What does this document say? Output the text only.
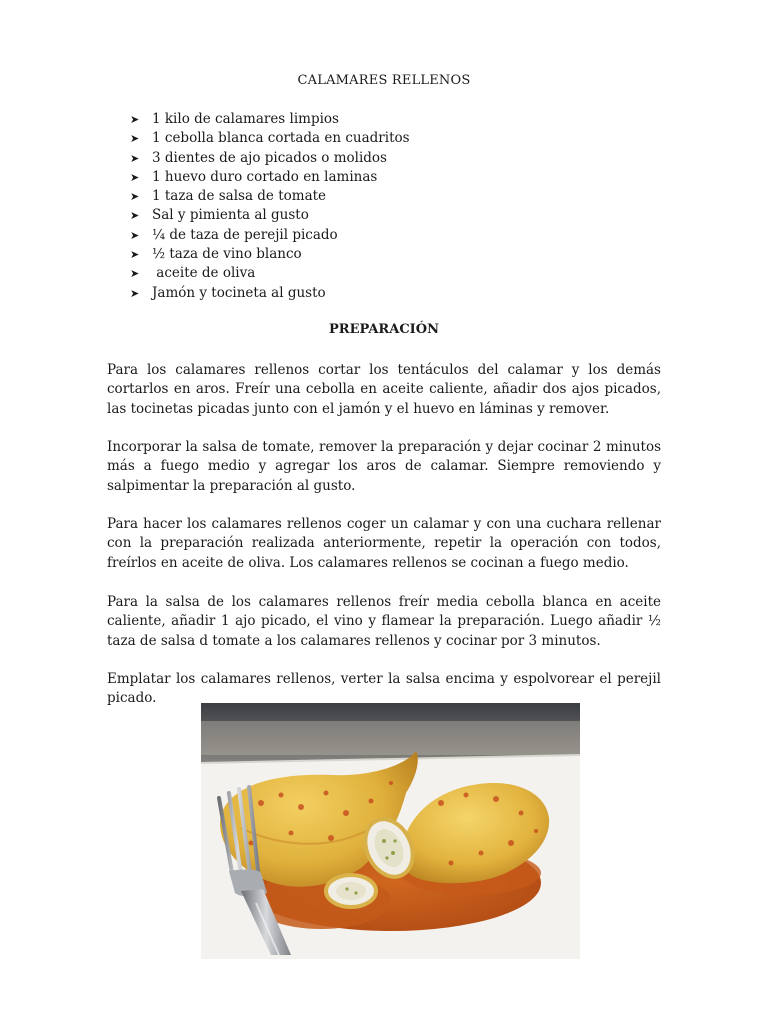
CALAMARES RELLENOS
➤ 1 kilo de calamares limpios
➤ 1 cebolla blanca cortada en cuadritos
➤ 3 dientes de ajo picados o molidos
➤ 1 huevo duro cortado en laminas
➤ 1 taza de salsa de tomate
➤ Sal y pimienta al gusto
➤ ¼ de taza de perejil picado
➤ ½ taza de vino blanco
➤ aceite de oliva
➤ Jamón y tocineta al gusto
PREPARACIÓN

Para los calamares rellenos cortar los tentáculos del calamar y los demás cortarlos en aros. Freír una cebolla en aceite caliente, añadir dos ajos picados, las tocinetas picadas junto con el jamón y el huevo en láminas y remover.

Incorporar la salsa de tomate, remover la preparación y dejar cocinar 2 minutos más a fuego medio y agregar los aros de calamar. Siempre removiendo y salpimentar la preparación al gusto.

Para hacer los calamares rellenos coger un calamar y con una cuchara rellenar con la preparación realizada anteriormente, repetir la operación con todos, freírlos en aceite de oliva. Los calamares rellenos se cocinan a fuego medio.

Para la salsa de los calamares rellenos freír media cebolla blanca en aceite caliente, añadir 1 ajo picado, el vino y flamear la preparación. Luego añadir ½ taza de salsa d tomate a los calamares rellenos y cocinar por 3 minutos.

Emplatar los calamares rellenos, verter la salsa encima y espolvorear el perejil picado.
